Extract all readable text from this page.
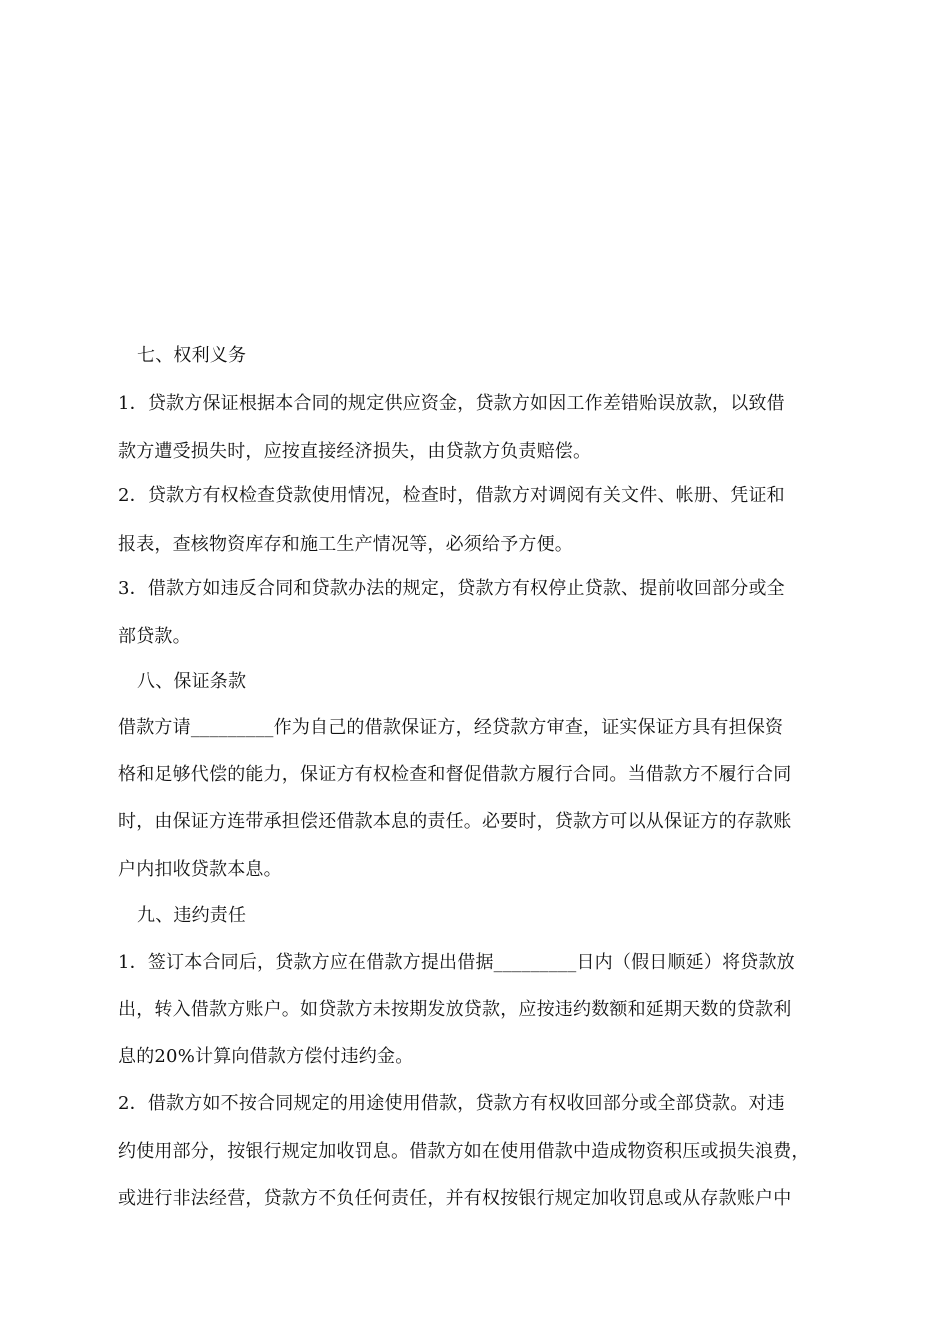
七、权利义务
1．贷款方保证根据本合同的规定供应资金，贷款方如因工作差错贻误放款，以致借
款方遭受损失时，应按直接经济损失，由贷款方负责赔偿。
2．贷款方有权检查贷款使用情况，检查时，借款方对调阅有关文件、帐册、凭证和
报表，查核物资库存和施工生产情况等，必须给予方便。
3．借款方如违反合同和贷款办法的规定，贷款方有权停止贷款、提前收回部分或全
部贷款。
八、保证条款
借款方请_________作为自己的借款保证方，经贷款方审查，证实保证方具有担保资
格和足够代偿的能力，保证方有权检查和督促借款方履行合同。当借款方不履行合同
时，由保证方连带承担偿还借款本息的责任。必要时，贷款方可以从保证方的存款账
户内扣收贷款本息。
九、违约责任
1．签订本合同后，贷款方应在借款方提出借据_________日内（假日顺延）将贷款放
出，转入借款方账户。如贷款方未按期发放贷款，应按违约数额和延期天数的贷款利
息的20%计算向借款方偿付违约金。
2．借款方如不按合同规定的用途使用借款，贷款方有权收回部分或全部贷款。对违
约使用部分，按银行规定加收罚息。借款方如在使用借款中造成物资积压或损失浪费，
或进行非法经营，贷款方不负任何责任，并有权按银行规定加收罚息或从存款账户中
